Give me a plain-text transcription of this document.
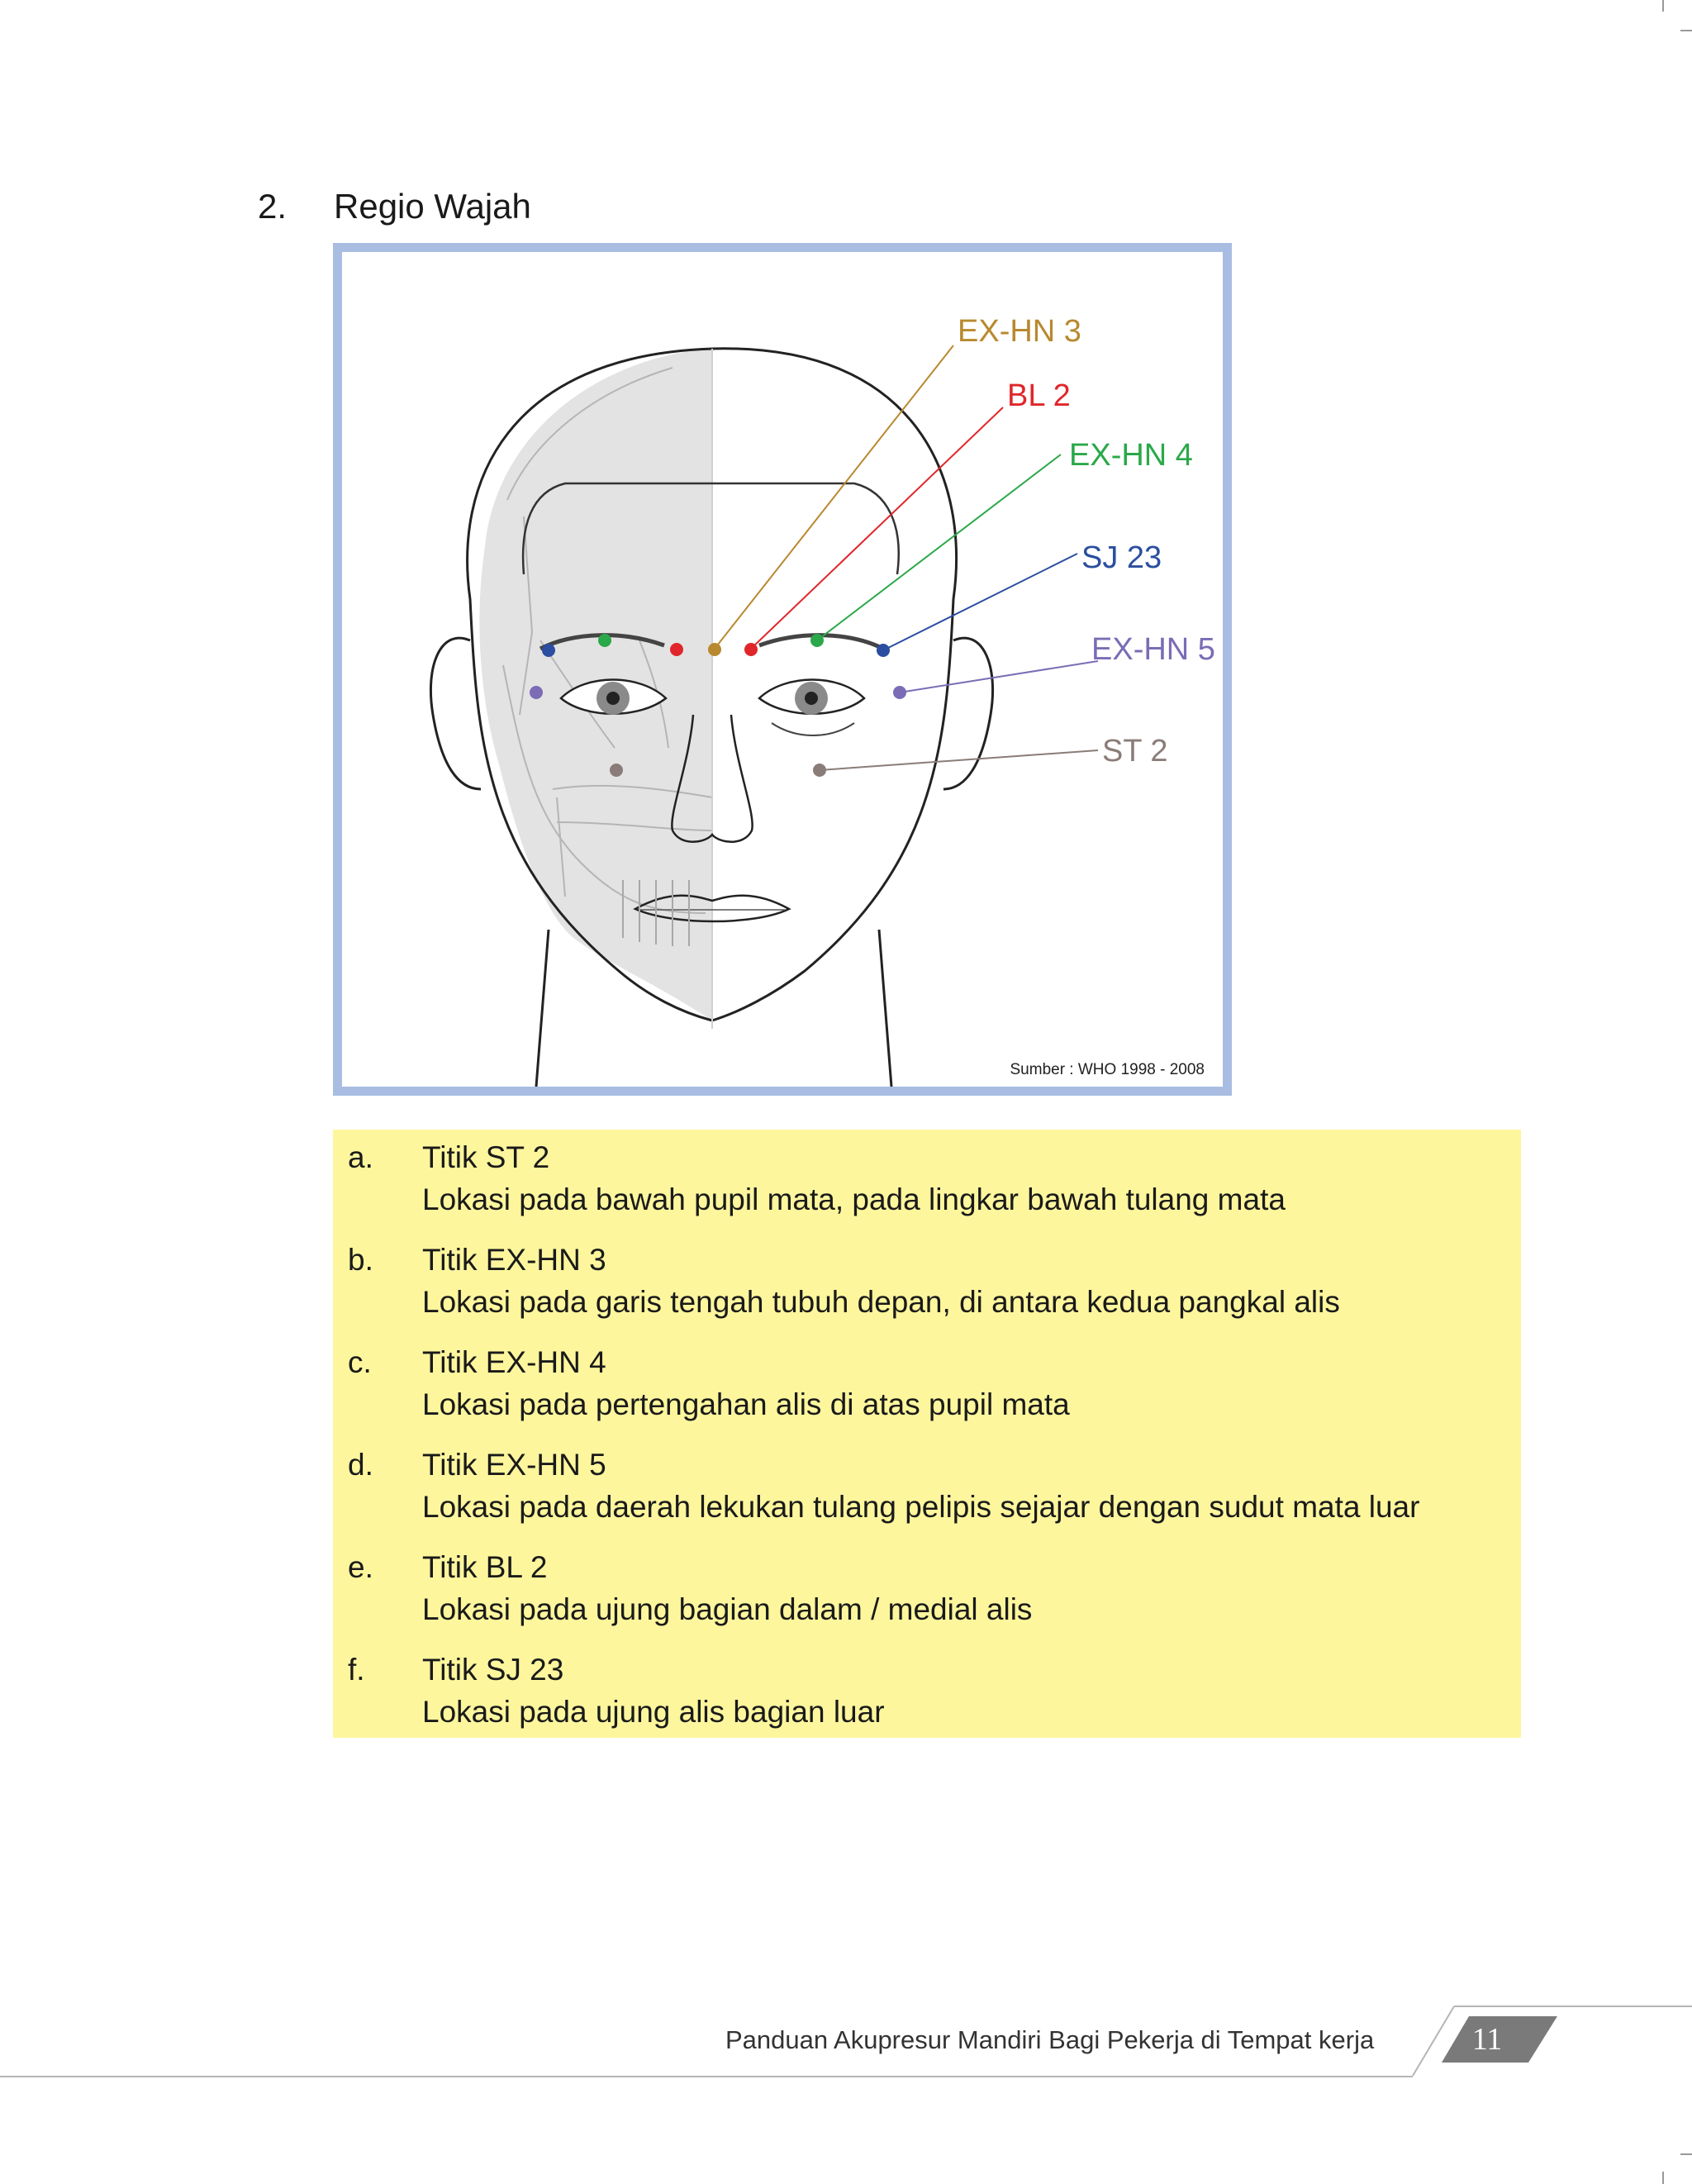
2.	Regio Wajah
EX-HN 3
BL 2
EX-HN 4
SJ 23
EX-HN 5
ST 2
Sumber : WHO 1998 - 2008
a.	Titik ST 2
Lokasi pada bawah pupil mata, pada lingkar bawah tulang mata
b.	Titik EX-HN 3
Lokasi pada garis tengah tubuh depan, di antara kedua pangkal alis
c.	Titik EX-HN 4
Lokasi pada pertengahan alis di atas pupil mata
d.	Titik EX-HN 5
Lokasi pada daerah lekukan tulang pelipis sejajar dengan sudut mata luar
e.	Titik BL 2
Lokasi pada ujung bagian dalam / medial alis
f.	Titik SJ 23
Lokasi pada ujung alis bagian luar
Panduan Akupresur Mandiri Bagi Pekerja di Tempat kerja	11
